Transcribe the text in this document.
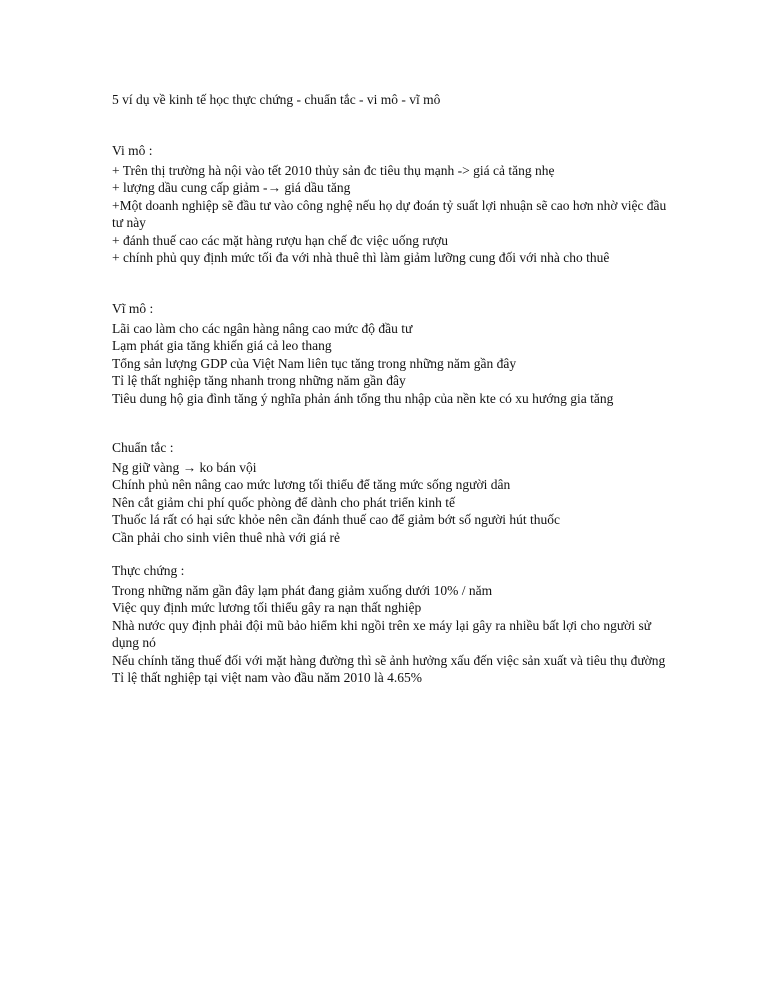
5 ví dụ về kinh tế học thực chứng - chuẩn tắc - vi mô - vĩ mô

Vi mô :

+ Trên thị trường hà nội vào tết 2010 thủy sản đc tiêu thụ mạnh -> giá cả tăng nhẹ

+ lượng dầu cung cấp giảm -→ giá dầu tăng

+Một doanh nghiệp sẽ đầu tư vào công nghệ nếu họ dự đoán tỷ suất lợi nhuận sẽ cao hơn nhờ việc đầu tư này

+ đánh thuế cao các mặt hàng rượu hạn chế đc việc uống rượu

+ chính phủ quy định mức tối đa với nhà thuê thì làm giảm lưỡng cung đối với nhà cho thuê

Vĩ mô :

Lãi cao làm cho các ngân hàng nâng cao mức độ đầu tư

Lạm phát gia tăng khiến giá cả leo thang

Tổng sản lượng GDP của Việt Nam liên tục tăng trong những năm gần đây

Tỉ lệ thất nghiệp tăng nhanh trong những năm gần đây

Tiêu dung hộ gia đình tăng ý nghĩa phản ánh tổng thu nhập của nền kte có xu hướng gia tăng

Chuẩn tắc :

Ng giữ vàng → ko bán vội

Chính phủ nên nâng cao mức lương tối thiểu để tăng mức sống người dân

Nên cắt giảm chi phí quốc phòng để dành cho phát triển kinh tế

Thuốc lá rất có hại sức khỏe nên cần đánh thuế cao để giảm bớt số người hút thuốc

Cần phải cho sinh viên thuê nhà với giá rẻ

Thực chứng :

Trong những năm gần đây lạm phát đang giảm xuống dưới 10% / năm

Việc quy định mức lương tối thiểu gây ra nạn thất nghiệp

Nhà nước quy định phải đội mũ bảo hiểm khi ngồi trên xe máy lại gây ra nhiều bất lợi cho người sử dụng nó

Nếu chính tăng thuế đối với mặt hàng đường thì sẽ ảnh hưởng xấu đến việc sản xuất và tiêu thụ đường

Tỉ lệ thất nghiệp tại việt nam vào đầu năm 2010 là 4.65%
